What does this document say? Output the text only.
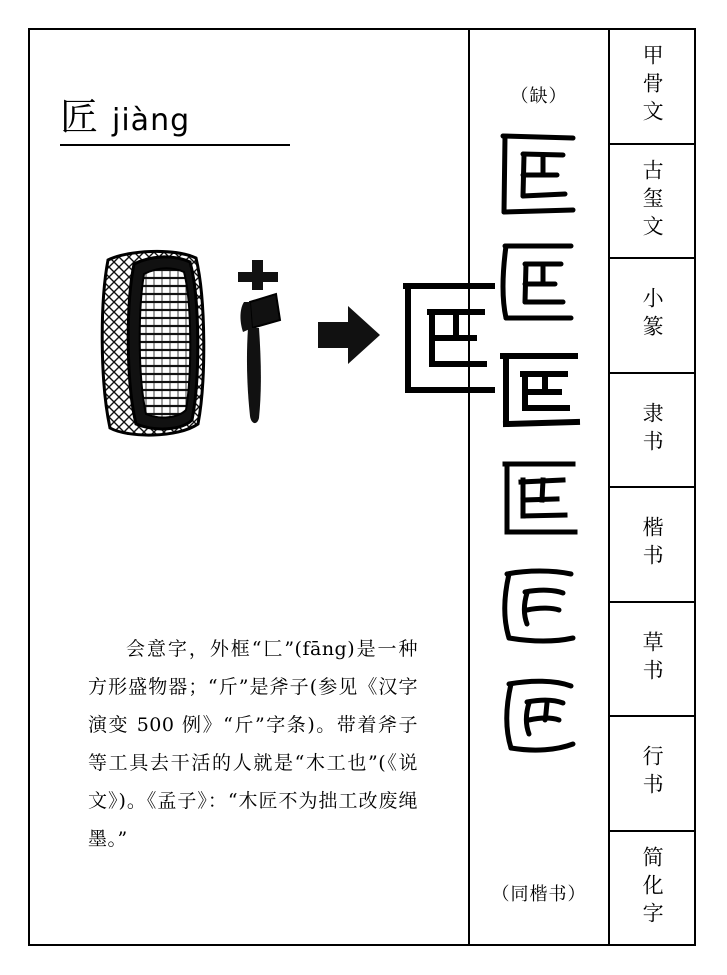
匠 jiàng
会意字，外框“匚”(fāng)是一种方形盛物器；“斤”是斧子(参见《汉字演变 500 例》“斤”字条)。带着斧子等工具去干活的人就是“木工也”(《说文》)。《孟子》：“木匠不为拙工改废绳墨。”
（缺）
（同楷书）
甲骨文
古玺文
小篆
隶书
楷书
草书
行书
简化字
